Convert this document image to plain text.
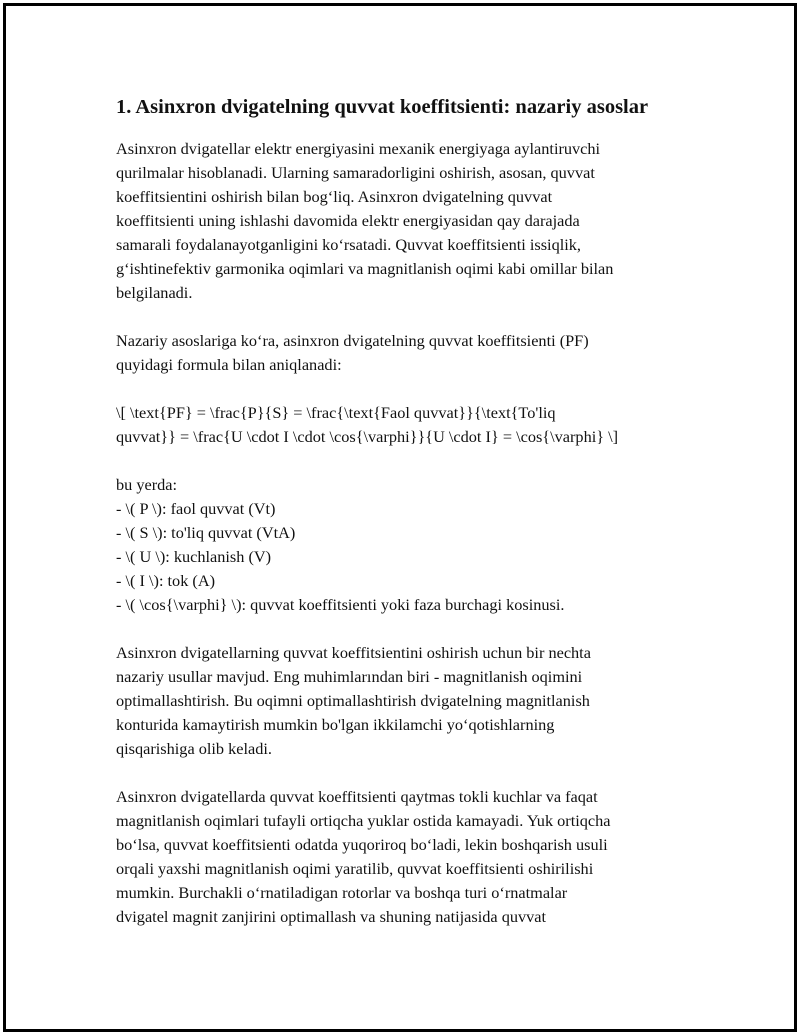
1. Asinxron dvigatelning quvvat koeffitsienti: nazariy asoslar

Asinxron dvigatellar elektr energiyasini mexanik energiyaga aylantiruvchi
qurilmalar hisoblanadi. Ularning samaradorligini oshirish, asosan, quvvat
koeffitsientini oshirish bilan bog‘liq. Asinxron dvigatelning quvvat
koeffitsienti uning ishlashi davomida elektr energiyasidan qay darajada
samarali foydalanayotganligini ko‘rsatadi. Quvvat koeffitsienti issiqlik,
g‘ishtinefektiv garmonika oqimlari va magnitlanish oqimi kabi omillar bilan
belgilanadi.

Nazariy asoslariga ko‘ra, asinxron dvigatelning quvvat koeffitsienti (PF)
quyidagi formula bilan aniqlanadi:

\[ \text{PF} = \frac{P}{S} = \frac{\text{Faol quvvat}}{\text{To'liq
quvvat}} = \frac{U \cdot I \cdot \cos{\varphi}}{U \cdot I} = \cos{\varphi} \]

bu yerda:
- \( P \): faol quvvat (Vt)
- \( S \): to'liq quvvat (VtA)
- \( U \): kuchlanish (V)
- \( I \): tok (A)
- \( \cos{\varphi} \): quvvat koeffitsienti yoki faza burchagi kosinusi.

Asinxron dvigatellarning quvvat koeffitsientini oshirish uchun bir nechta
nazariy usullar mavjud. Eng muhimlarından biri - magnitlanish oqimini
optimallashtirish. Bu oqimni optimallashtirish dvigatelning magnitlanish
konturida kamaytirish mumkin bo'lgan ikkilamchi yo‘qotishlarning
qisqarishiga olib keladi.

Asinxron dvigatellarda quvvat koeffitsienti qaytmas tokli kuchlar va faqat
magnitlanish oqimlari tufayli ortiqcha yuklar ostida kamayadi. Yuk ortiqcha
bo‘lsa, quvvat koeffitsienti odatda yuqoriroq bo‘ladi, lekin boshqarish usuli
orqali yaxshi magnitlanish oqimi yaratilib, quvvat koeffitsienti oshirilishi
mumkin. Burchakli o‘rnatiladigan rotorlar va boshqa turi o‘rnatmalar
dvigatel magnit zanjirini optimallash va shuning natijasida quvvat
